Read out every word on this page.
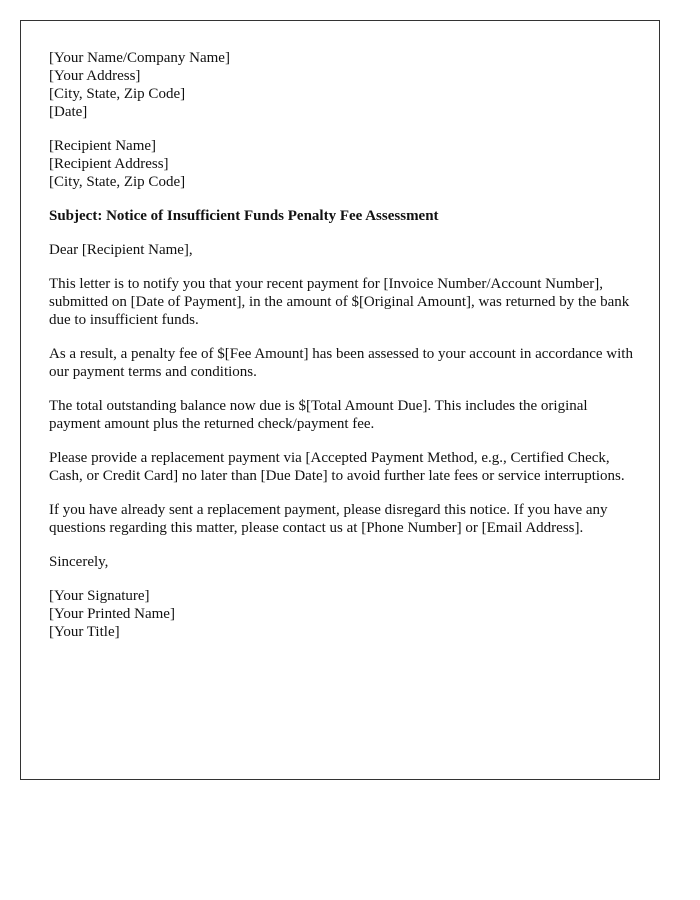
[Your Name/Company Name]
[Your Address]
[City, State, Zip Code]
[Date]
[Recipient Name]
[Recipient Address]
[City, State, Zip Code]
Subject: Notice of Insufficient Funds Penalty Fee Assessment

Dear [Recipient Name],

This letter is to notify you that your recent payment for [Invoice Number/Account Number], submitted on [Date of Payment], in the amount of $[Original Amount], was returned by the bank due to insufficient funds.

As a result, a penalty fee of $[Fee Amount] has been assessed to your account in accordance with our payment terms and conditions.

The total outstanding balance now due is $[Total Amount Due]. This includes the original payment amount plus the returned check/payment fee.

Please provide a replacement payment via [Accepted Payment Method, e.g., Certified Check, Cash, or Credit Card] no later than [Due Date] to avoid further late fees or service interruptions.

If you have already sent a replacement payment, please disregard this notice. If you have any questions regarding this matter, please contact us at [Phone Number] or [Email Address].

Sincerely,

[Your Signature]
[Your Printed Name]
[Your Title]
